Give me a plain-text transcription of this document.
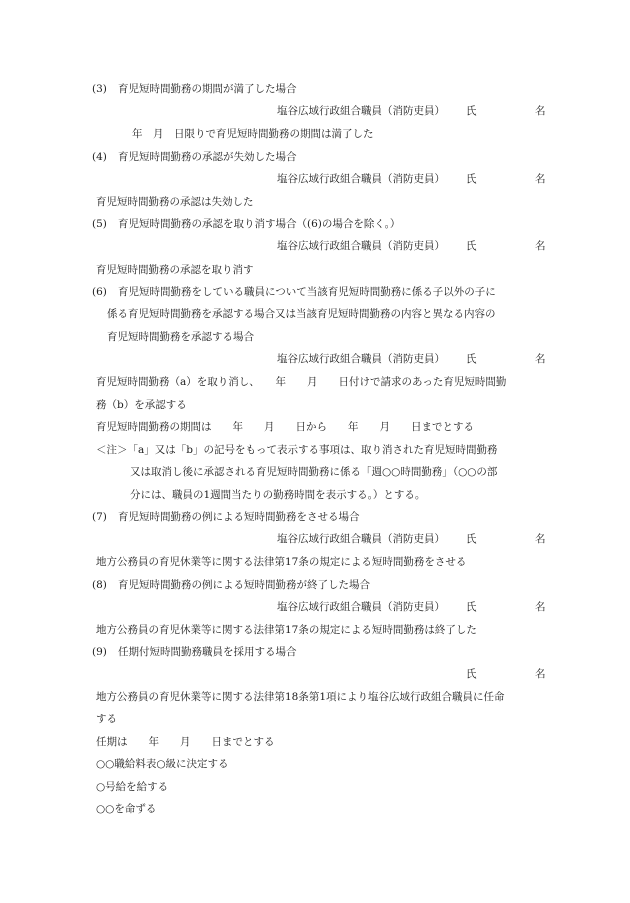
(3) 育児短時間勤務の期間が満了した場合
塩谷広域行政組合職員（消防吏員） 氏	名
年　月　日限りで育児短時間勤務の期間は満了した
(4) 育児短時間勤務の承認が失効した場合
塩谷広域行政組合職員（消防吏員） 氏	名
育児短時間勤務の承認は失効した
(5) 育児短時間勤務の承認を取り消す場合（(6)の場合を除く。）
塩谷広域行政組合職員（消防吏員） 氏	名
育児短時間勤務の承認を取り消す
(6) 育児短時間勤務をしている職員について当該育児短時間勤務に係る子以外の子に
係る育児短時間勤務を承認する場合又は当該育児短時間勤務の内容と異なる内容の
育児短時間勤務を承認する場合
塩谷広域行政組合職員（消防吏員） 氏	名
育児短時間勤務（a）を取り消し、　　年　　月　　日付けで請求のあった育児短時間勤
務（b）を承認する
育児短時間勤務の期間は　　年　　月　　日から　　年　　月　　日までとする
＜注＞「a」又は「b」の記号をもって表示する事項は、取り消された育児短時間勤務
又は取消し後に承認される育児短時間勤務に係る「週○○時間勤務」（○○の部
分には、職員の1週間当たりの勤務時間を表示する。）とする。
(7) 育児短時間勤務の例による短時間勤務をさせる場合
塩谷広域行政組合職員（消防吏員） 氏	名
地方公務員の育児休業等に関する法律第17条の規定による短時間勤務をさせる
(8) 育児短時間勤務の例による短時間勤務が終了した場合
塩谷広域行政組合職員（消防吏員） 氏	名
地方公務員の育児休業等に関する法律第17条の規定による短時間勤務は終了した
(9) 任期付短時間勤務職員を採用する場合
氏	名
地方公務員の育児休業等に関する法律第18条第1項により塩谷広域行政組合職員に任命
する
任期は　　年　　月　　日までとする
○○職給料表○級に決定する
○号給を給する
○○を命ずる
